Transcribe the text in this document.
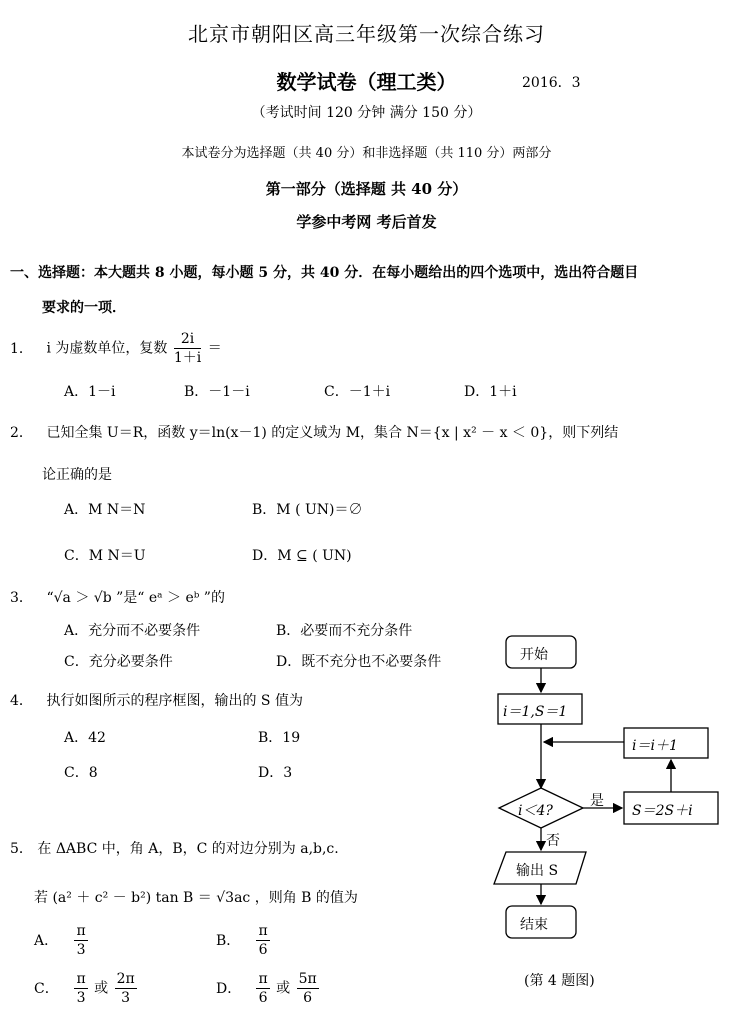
北京市朝阳区高三年级第一次综合练习
数学试卷（理工类）	2016．3
（考试时间 120 分钟 满分 150 分）
本试卷分为选择题（共 40 分）和非选择题（共 110 分）两部分
第一部分（选择题 共 40 分）
学参中考网 考后首发
一、选择题：本大题共 8 小题，每小题 5 分，共 40 分．在每小题给出的四个选项中，选出符合题目
要求的一项．
1． i 为虚数单位，复数 $\frac{2i}{1+i}$ ＝
A．1－i	B．－1－i	C．－1＋i	D．1＋i
2． 已知全集 U＝R，函数 y＝ln(x－1) 的定义域为 M，集合 N＝{x | x² － x ＜ 0}，则下列结
论正确的是
A．M N＝N	B．M ( UN)＝∅
C．M N＝U	D．M ⊆ ( UN)
3． “√a ＞ √b ”是“ eᵃ ＞ eᵇ ”的
A．充分而不必要条件	B．必要而不充分条件
C．充分必要条件	D．既不充分也不必要条件
4． 执行如图所示的程序框图，输出的 S 值为
A．42	B．19
C．8	D．3
5． 在 ΔABC 中，角 A，B，C 的对边分别为 a,b,c.
若 (a² ＋ c² － b²) tan B ＝ √3ac ，则角 B 的值为
A． $\frac{\pi}{3}$	B． $\frac{\pi}{6}$
C． $\frac{\pi}{3}$ 或 $\frac{2\pi}{3}$	D． $\frac{\pi}{6}$ 或 $\frac{5\pi}{6}$
开始
i＝1,S＝1
i＝i＋1
i＜4?
是
否
S＝2S＋i
输出 S
结束
(第 4 题图)
